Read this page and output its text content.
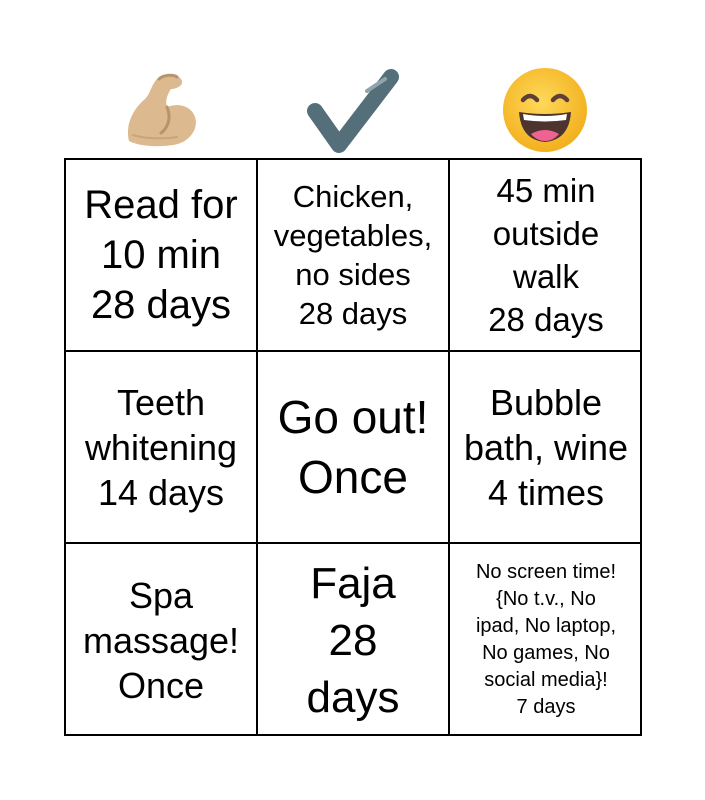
Read for
10 min
28 days
Chicken,
vegetables,
no sides
28 days
45 min
outside
walk
28 days
Teeth
whitening
14 days
Go out!
Once
Bubble
bath, wine
4 times
Spa
massage!
Once
Faja
28
days
No screen time!
{No t.v., No
ipad, No laptop,
No games, No
social media}!
7 days
